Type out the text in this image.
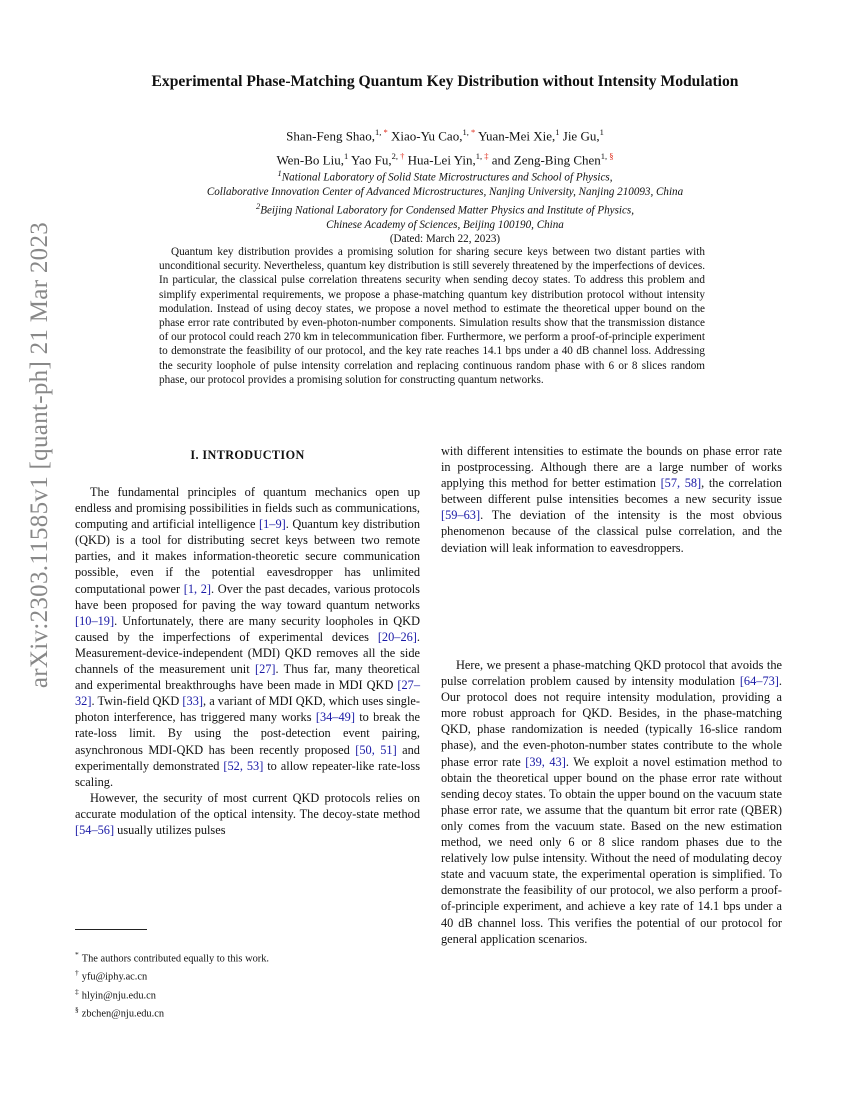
arXiv:2303.11585v1 [quant-ph] 21 Mar 2023
Experimental Phase-Matching Quantum Key Distribution without Intensity Modulation
Shan-Feng Shao,$^{1,}$ * Xiao-Yu Cao,$^{1,}$ * Yuan-Mei Xie,$^1$ Jie Gu,$^1$
Wen-Bo Liu,$^1$ Yao Fu,$^{2,}$ † Hua-Lei Yin,$^{1,}$ ‡ and Zeng-Bing Chen$^{1,}$ §
$^1$National Laboratory of Solid State Microstructures and School of Physics,
Collaborative Innovation Center of Advanced Microstructures, Nanjing University, Nanjing 210093, China
$^2$Beijing National Laboratory for Condensed Matter Physics and Institute of Physics,
Chinese Academy of Sciences, Beijing 100190, China
(Dated: March 22, 2023)
Quantum key distribution provides a promising solution for sharing secure keys between two distant parties with unconditional security. Nevertheless, quantum key distribution is still severely threatened by the imperfections of devices. In particular, the classical pulse correlation threatens security when sending decoy states. To address this problem and simplify experimental requirements, we propose a phase-matching quantum key distribution protocol without intensity modulation. Instead of using decoy states, we propose a novel method to estimate the theoretical upper bound on the phase error rate contributed by even-photon-number components. Simulation results show that the transmission distance of our protocol could reach 270 km in telecommunication fiber. Furthermore, we perform a proof-of-principle experiment to demonstrate the feasibility of our protocol, and the key rate reaches 14.1 bps under a 40 dB channel loss. Addressing the security loophole of pulse intensity correlation and replacing continuous random phase with 6 or 8 slices random phase, our protocol provides a promising solution for constructing quantum networks.
I. INTRODUCTION

The fundamental principles of quantum mechanics open up endless and promising possibilities in fields such as communications, computing and artificial intelligence [1–9]. Quantum key distribution (QKD) is a tool for distributing secret keys between two remote parties, and it makes information-theoretic secure communication possible, even if the potential eavesdropper has unlimited computational power [1, 2]. Over the past decades, various protocols have been proposed for paving the way toward quantum networks [10–19]. Unfortunately, there are many security loopholes in QKD caused by the imperfections of experimental devices [20–26]. Measurement-device-independent (MDI) QKD removes all the side channels of the measurement unit [27]. Thus far, many theoretical and experimental breakthroughs have been made in MDI QKD [27–32]. Twin-field QKD [33], a variant of MDI QKD, which uses single-photon interference, has triggered many works [34–49] to break the rate-loss limit. By using the post-detection event pairing, asynchronous MDI-QKD has been recently proposed [50, 51] and experimentally demonstrated [52, 53] to allow repeater-like rate-loss scaling.

However, the security of most current QKD protocols relies on accurate modulation of the optical intensity. The decoy-state method [54–56] usually utilizes pulses

with different intensities to estimate the bounds on phase error rate in postprocessing. Although there are a large number of works applying this method for better estimation [57, 58], the correlation between different pulse intensities becomes a new security issue [59–63]. The deviation of the intensity is the most obvious phenomenon because of the classical pulse correlation, and the deviation will leak information to eavesdroppers.

Here, we present a phase-matching QKD protocol that avoids the pulse correlation problem caused by intensity modulation [64–73]. Our protocol does not require intensity modulation, providing a more robust approach for QKD. Besides, in the phase-matching QKD, phase randomization is needed (typically 16-slice random phase), and the even-photon-number states contribute to the whole phase error rate [39, 43]. We exploit a novel estimation method to obtain the theoretical upper bound on the phase error rate without sending decoy states. To obtain the upper bound on the vacuum state phase error rate, we assume that the quantum bit error rate (QBER) only comes from the vacuum state. Based on the new estimation method, we need only 6 or 8 slice random phases due to the relatively low pulse intensity. Without the need of modulating decoy state and vacuum state, the experimental operation is simplified. To demonstrate the feasibility of our protocol, we also perform a proof-of-principle experiment, and achieve a key rate of 14.1 bps under a 40 dB channel loss. This verifies the potential of our protocol for general application scenarios.

* The authors contributed equally to this work.
† yfu@iphy.ac.cn
‡ hlyin@nju.edu.cn
§ zbchen@nju.edu.cn
